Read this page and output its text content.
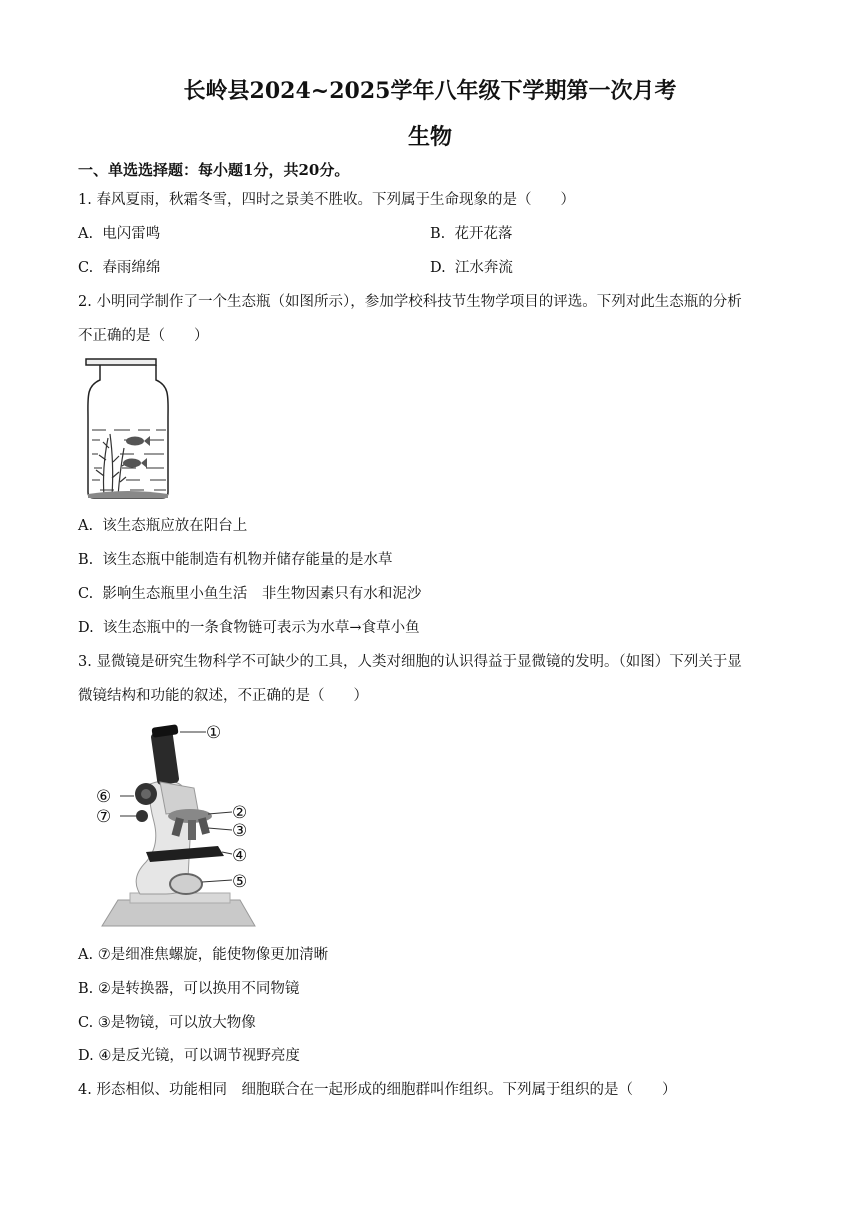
长岭县2024~2025学年八年级下学期第一次月考
生物
一、单选选择题：每小题1分，共20分。
1. 春风夏雨，秋霜冬雪，四时之景美不胜收。下列属于生命现象的是（　　）
A.  电闪雷鸣	B.  花开花落
C.  春雨绵绵	D.  江水奔流
2. 小明同学制作了一个生态瓶（如图所示），参加学校科技节生物学项目的评选。下列对此生态瓶的分析
不正确的是（　　）
A.  该生态瓶应放在阳台上
B.  该生态瓶中能制造有机物并储存能量的是水草
C.  影响生态瓶里小鱼生活　非生物因素只有水和泥沙
D.  该生态瓶中的一条食物链可表示为水草→食草小鱼
3. 显微镜是研究生物科学不可缺少的工具，人类对细胞的认识得益于显微镜的发明。（如图）下列关于显
微镜结构和功能的叙述，不正确的是（　　）
①
②
③
④
⑤
⑥
⑦
A. ⑦是细准焦螺旋，能使物像更加清晰
B. ②是转换器，可以换用不同物镜
C. ③是物镜，可以放大物像
D. ④是反光镜，可以调节视野亮度
4. 形态相似、功能相同　细胞联合在一起形成的细胞群叫作组织。下列属于组织的是（　　）
